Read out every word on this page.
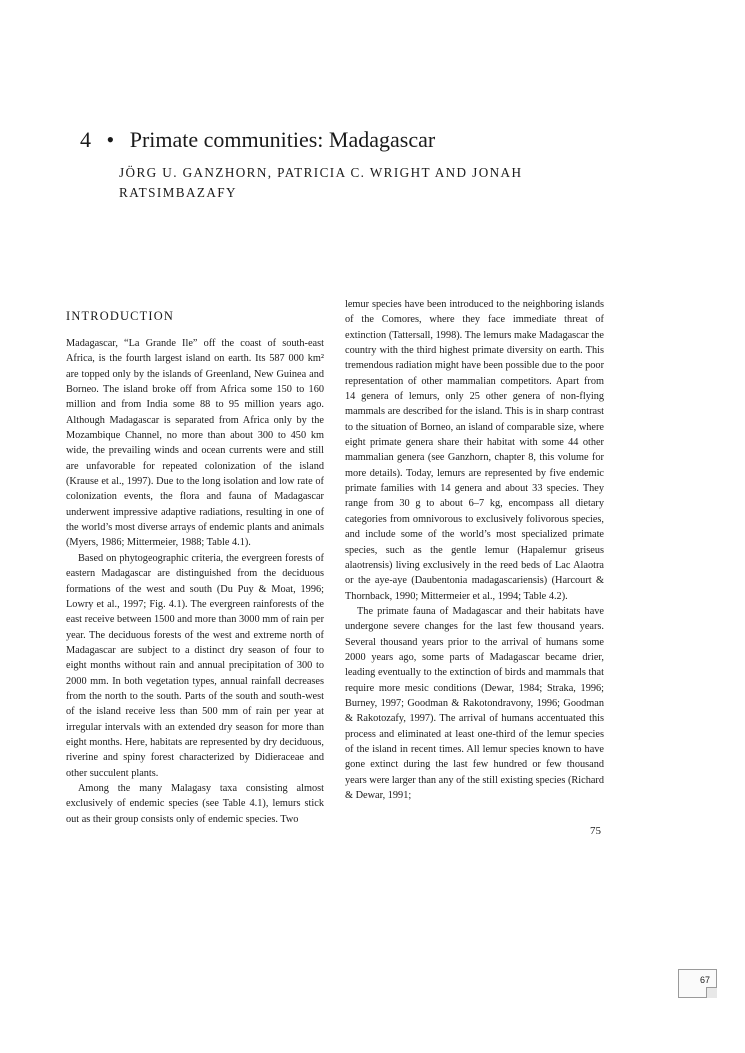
4 • Primate communities: Madagascar
JÖRG U. GANZHORN, PATRICIA C. WRIGHT AND JONAH RATSIMBAZAFY
INTRODUCTION

Madagascar, “La Grande Ile” off the coast of south-east Africa, is the fourth largest island on earth. Its 587 000 km² are topped only by the islands of Greenland, New Guinea and Borneo. The island broke off from Africa some 150 to 160 million and from India some 88 to 95 million years ago. Although Madagascar is separated from Africa only by the Mozambique Channel, no more than about 300 to 450 km wide, the prevailing winds and ocean currents were and still are unfavorable for repeated colonization of the island (Krause et al., 1997). Due to the long isolation and low rate of colonization events, the flora and fauna of Madagascar underwent impressive adaptive radiations, resulting in one of the world’s most diverse arrays of endemic plants and animals (Myers, 1986; Mittermeier, 1988; Table 4.1).

Based on phytogeographic criteria, the evergreen forests of eastern Madagascar are distinguished from the deciduous formations of the west and south (Du Puy & Moat, 1996; Lowry et al., 1997; Fig. 4.1). The evergreen rainforests of the east receive between 1500 and more than 3000 mm of rain per year. The deciduous forests of the west and extreme north of Madagascar are subject to a distinct dry season of four to eight months without rain and annual precipitation of 300 to 2000 mm. In both vegetation types, annual rainfall decreases from the north to the south. Parts of the south and south-west of the island receive less than 500 mm of rain per year at irregular intervals with an extended dry season for more than eight months. Here, habitats are represented by dry deciduous, riverine and spiny forest characterized by Didieraceae and other succulent plants.

Among the many Malagasy taxa consisting almost exclusively of endemic species (see Table 4.1), lemurs stick out as their group consists only of endemic species. Two

lemur species have been introduced to the neighboring islands of the Comores, where they face immediate threat of extinction (Tattersall, 1998). The lemurs make Madagascar the country with the third highest primate diversity on earth. This tremendous radiation might have been possible due to the poor representation of other mammalian competitors. Apart from 14 genera of lemurs, only 25 other genera of non-flying mammals are described for the island. This is in sharp contrast to the situation of Borneo, an island of comparable size, where eight primate genera share their habitat with some 44 other mammalian genera (see Ganzhorn, chapter 8, this volume for more details). Today, lemurs are represented by five endemic primate families with 14 genera and about 33 species. They range from 30 g to about 6–7 kg, encompass all dietary categories from omnivorous to exclusively folivorous species, and include some of the world’s most specialized primate species, such as the gentle lemur (Hapalemur griseus alaotrensis) living exclusively in the reed beds of Lac Alaotra or the aye-aye (Daubentonia madagascariensis) (Harcourt & Thornback, 1990; Mittermeier et al., 1994; Table 4.2).

The primate fauna of Madagascar and their habitats have undergone severe changes for the last few thousand years. Several thousand years prior to the arrival of humans some 2000 years ago, some parts of Madagascar became drier, leading eventually to the extinction of birds and mammals that require more mesic conditions (Dewar, 1984; Straka, 1996; Burney, 1997; Goodman & Rakotondravony, 1996; Goodman & Rakotozafy, 1997). The arrival of humans accentuated this process and eliminated at least one-third of the lemur species of the island in recent times. All lemur species known to have gone extinct during the last few hundred or few thousand years were larger than any of the still existing species (Richard & Dewar, 1991;

75
67
